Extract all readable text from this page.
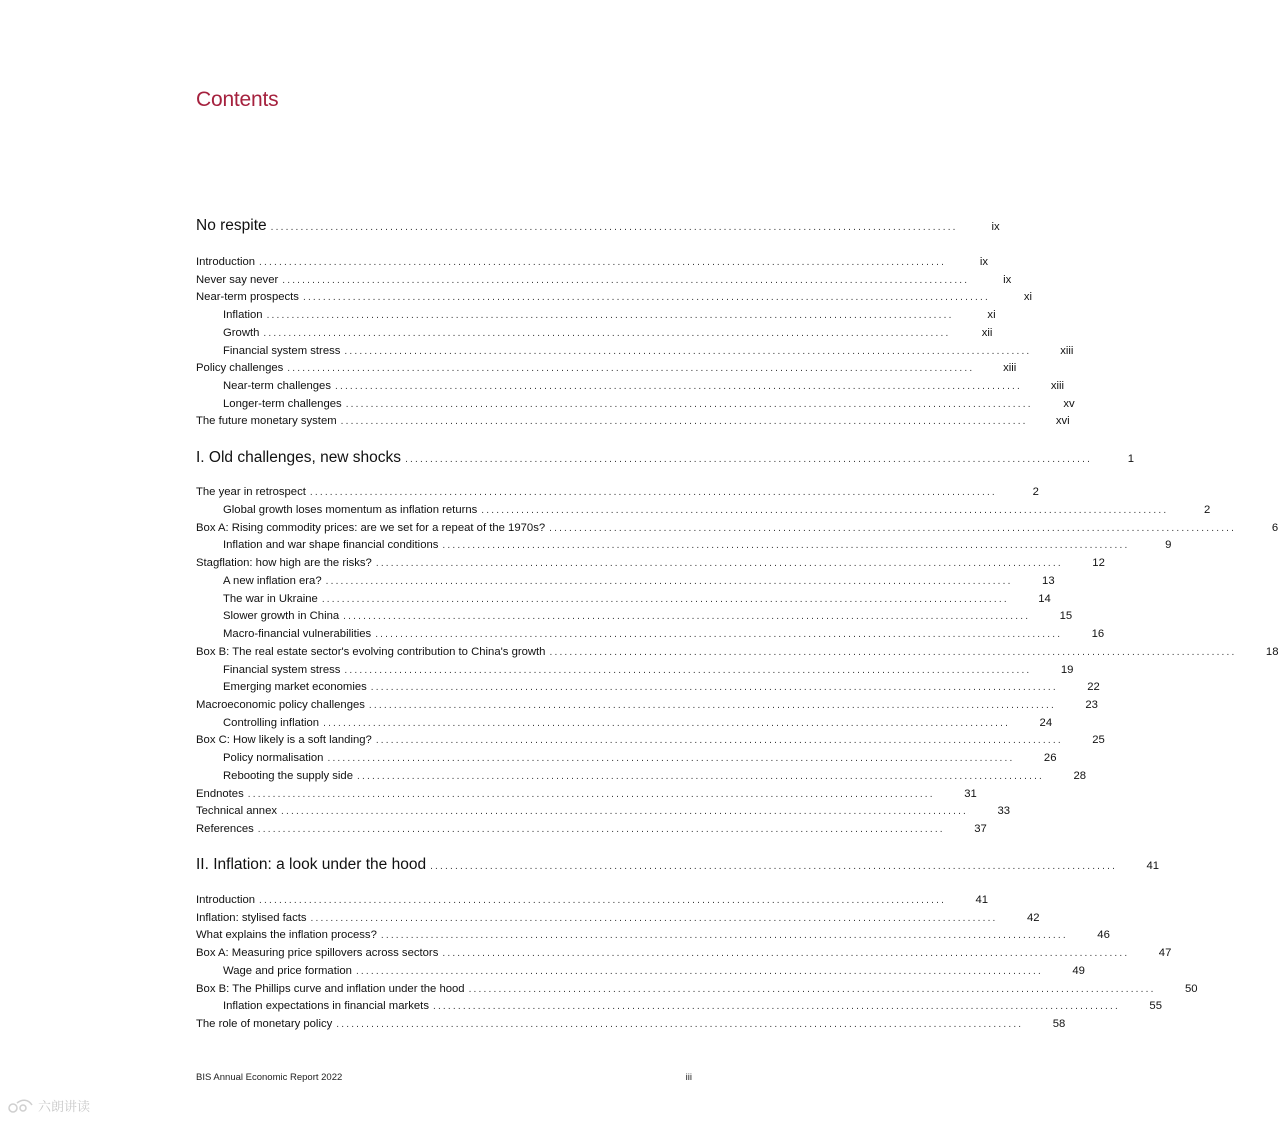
Contents
No respite ..........................................................................................................................................	ix
Introduction ..........................................................................................................................................	ix
Never say never ..........................................................................................................................................	ix
Near-term prospects ..........................................................................................................................................	xi
Inflation ..........................................................................................................................................	xi
Growth ..........................................................................................................................................	xii
Financial system stress ..........................................................................................................................................	xiii
Policy challenges ..........................................................................................................................................	xiii
Near-term challenges ..........................................................................................................................................	xiii
Longer-term challenges ..........................................................................................................................................	xv
The future monetary system ..........................................................................................................................................	xvi
I. Old challenges, new shocks ..........................................................................................................................................	1
The year in retrospect ..........................................................................................................................................	2
Global growth loses momentum as inflation returns ..........................................................................................................................................	2
Box A: Rising commodity prices: are we set for a repeat of the 1970s? ..........................................................................................................................................	6
Inflation and war shape financial conditions ..........................................................................................................................................	9
Stagflation: how high are the risks? ..........................................................................................................................................	12
A new inflation era? ..........................................................................................................................................	13
The war in Ukraine ..........................................................................................................................................	14
Slower growth in China ..........................................................................................................................................	15
Macro-financial vulnerabilities ..........................................................................................................................................	16
Box B: The real estate sector's evolving contribution to China's growth ..........................................................................................................................................	18
Financial system stress ..........................................................................................................................................	19
Emerging market economies ..........................................................................................................................................	22
Macroeconomic policy challenges ..........................................................................................................................................	23
Controlling inflation ..........................................................................................................................................	24
Box C: How likely is a soft landing? ..........................................................................................................................................	25
Policy normalisation ..........................................................................................................................................	26
Rebooting the supply side ..........................................................................................................................................	28
Endnotes ..........................................................................................................................................	31
Technical annex ..........................................................................................................................................	33
References ..........................................................................................................................................	37
II. Inflation: a look under the hood ..........................................................................................................................................	41
Introduction ..........................................................................................................................................	41
Inflation: stylised facts ..........................................................................................................................................	42
What explains the inflation process? ..........................................................................................................................................	46
Box A: Measuring price spillovers across sectors ..........................................................................................................................................	47
Wage and price formation ..........................................................................................................................................	49
Box B: The Phillips curve and inflation under the hood ..........................................................................................................................................	50
Inflation expectations in financial markets ..........................................................................................................................................	55
The role of monetary policy ..........................................................................................................................................	58
BIS Annual Economic Report 2022	iii
六朗讲读
